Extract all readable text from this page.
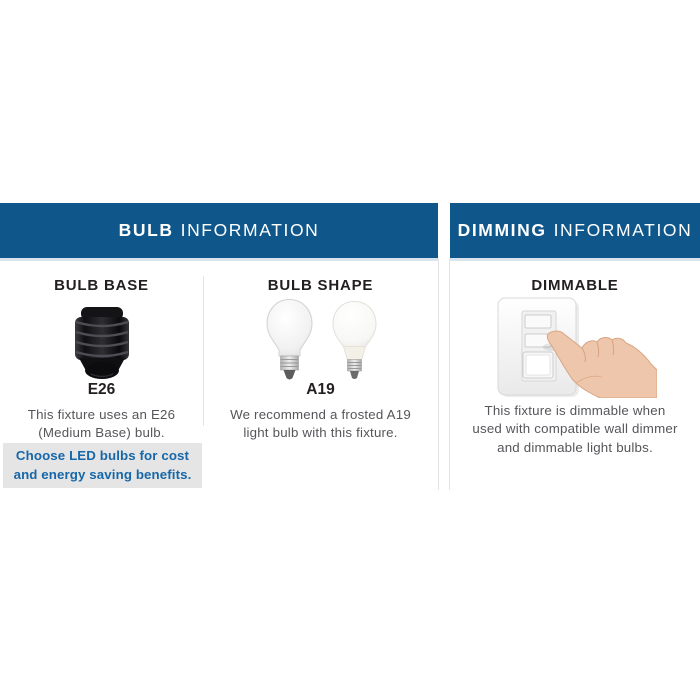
BULB INFORMATION	DIMMING INFORMATION
BULB BASE	BULB SHAPE	DIMMABLE
E26	A19
This fixture uses an E26
(Medium Base) bulb.
We recommend a frosted A19
light bulb with this fixture.
This fixture is dimmable when
used with compatible wall dimmer
and dimmable light bulbs.
Choose LED bulbs for cost
and energy saving benefits.
